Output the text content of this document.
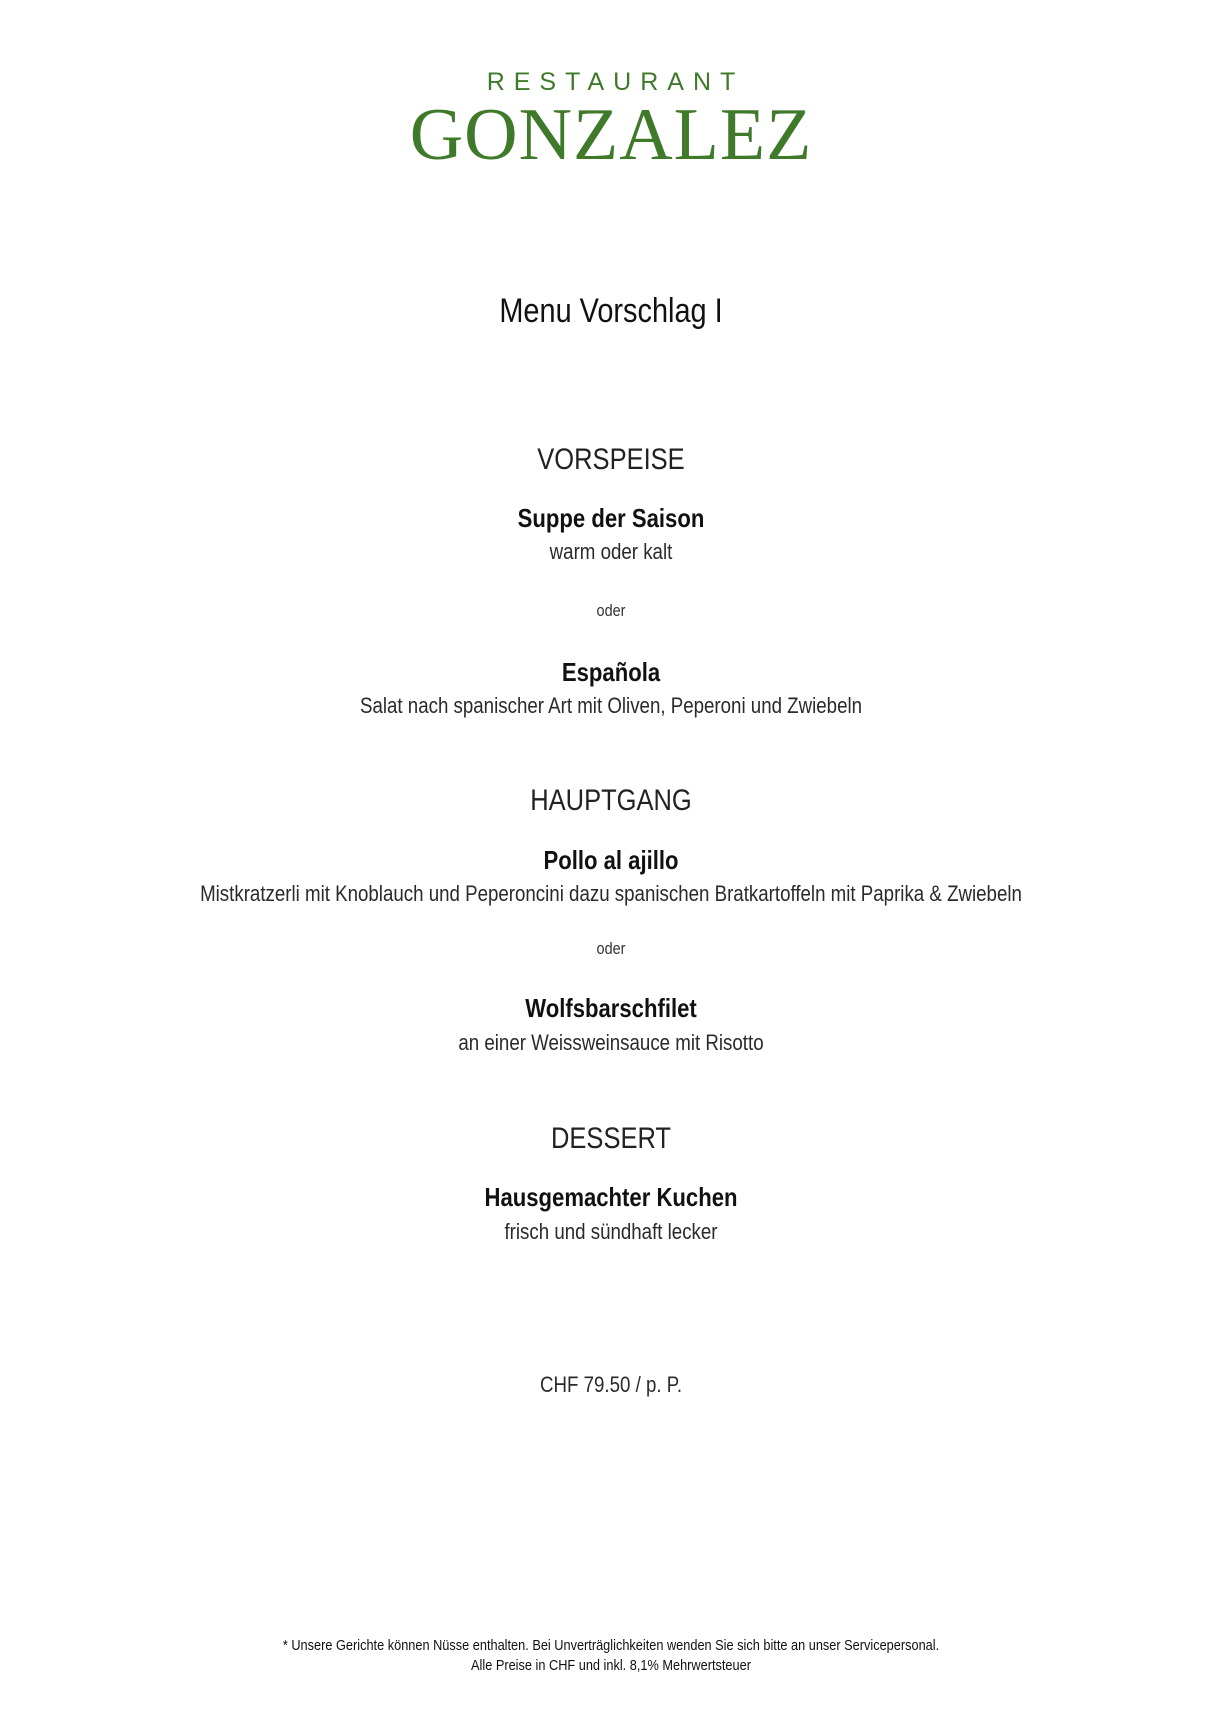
RESTAURANT
GONZALEZ
Menu Vorschlag I
VORSPEISE
Suppe der Saison
warm oder kalt
oder
Española
Salat nach spanischer Art mit Oliven, Peperoni und Zwiebeln
HAUPTGANG
Pollo al ajillo
Mistkratzerli mit Knoblauch und Peperoncini dazu spanischen Bratkartoffeln mit Paprika & Zwiebeln
oder
Wolfsbarschfilet
an einer Weissweinsauce mit Risotto
DESSERT
Hausgemachter Kuchen
frisch und sündhaft lecker
CHF 79.50 / p. P.
* Unsere Gerichte können Nüsse enthalten. Bei Unverträglichkeiten wenden Sie sich bitte an unser Servicepersonal.
Alle Preise in CHF und inkl. 8,1% Mehrwertsteuer
